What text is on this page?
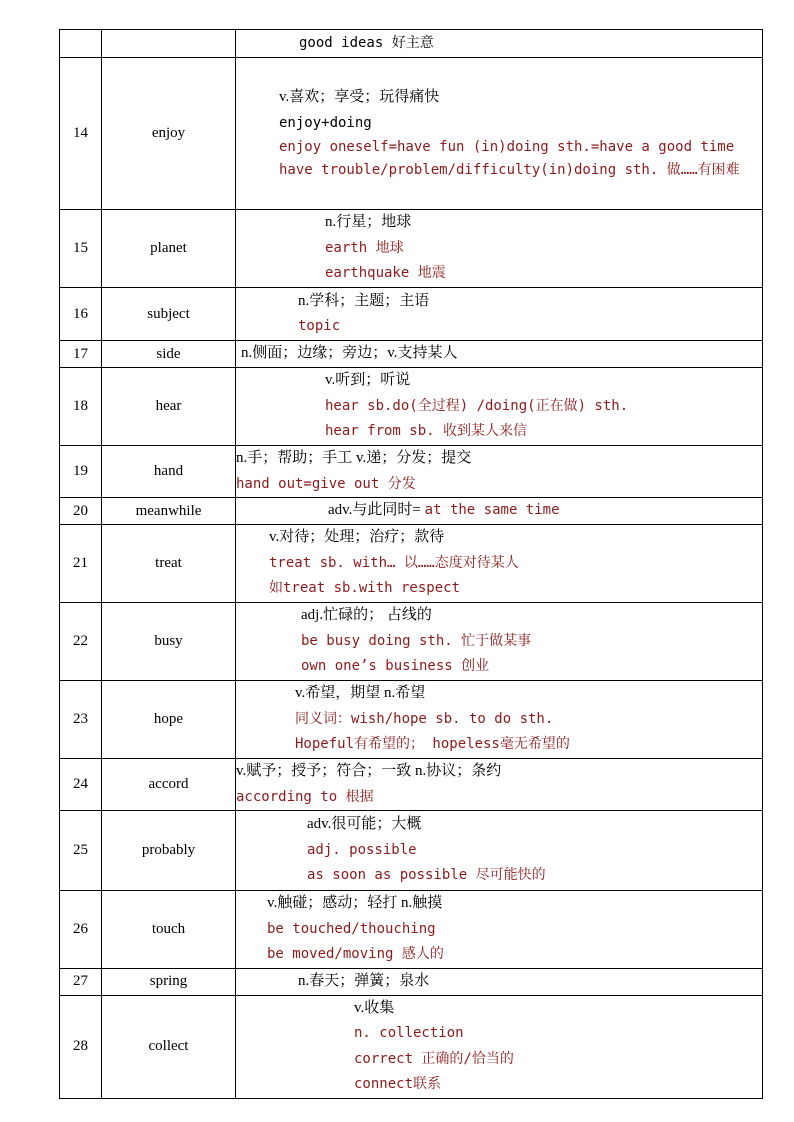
		good ideas 好主意

14	enjoy	v.喜欢；享受；玩得痛快
enjoy+doing
enjoy oneself=have fun (in)doing sth.=have a good time
have trouble/problem/difficulty(in)doing sth. 做……有困难

15	planet	n.行星；地球
earth 地球
earthquake 地震

16	subject	n.学科；主题；主语
topic

17	side	n.侧面；边缘；旁边；v.支持某人

18	hear	v.听到；听说
hear sb.do(全过程) /doing(正在做) sth.
hear from sb. 收到某人来信

19	hand	n.手；帮助；手工 v.递；分发；提交
hand out=give out 分发

20	meanwhile	adv.与此同时= at the same time

21	treat	v.对待；处理；治疗；款待
treat sb. with… 以……态度对待某人
如treat sb.with respect

22	busy	adj.忙碌的； 占线的
be busy doing sth. 忙于做某事
own one’s business 创业

23	hope	v.希望，期望 n.希望
同义词：wish/hope sb. to do sth.
Hopeful有希望的； hopeless毫无希望的

24	accord	v.赋予；授予；符合；一致 n.协议；条约
according to 根据

25	probably	adv.很可能；大概
adj. possible
as soon as possible 尽可能快的

26	touch	v.触碰；感动；轻打 n.触摸
be touched/thouching
be moved/moving 感人的

27	spring	n.春天；弹簧；泉水

28	collect	v.收集
n. collection
correct 正确的/恰当的
connect联系
